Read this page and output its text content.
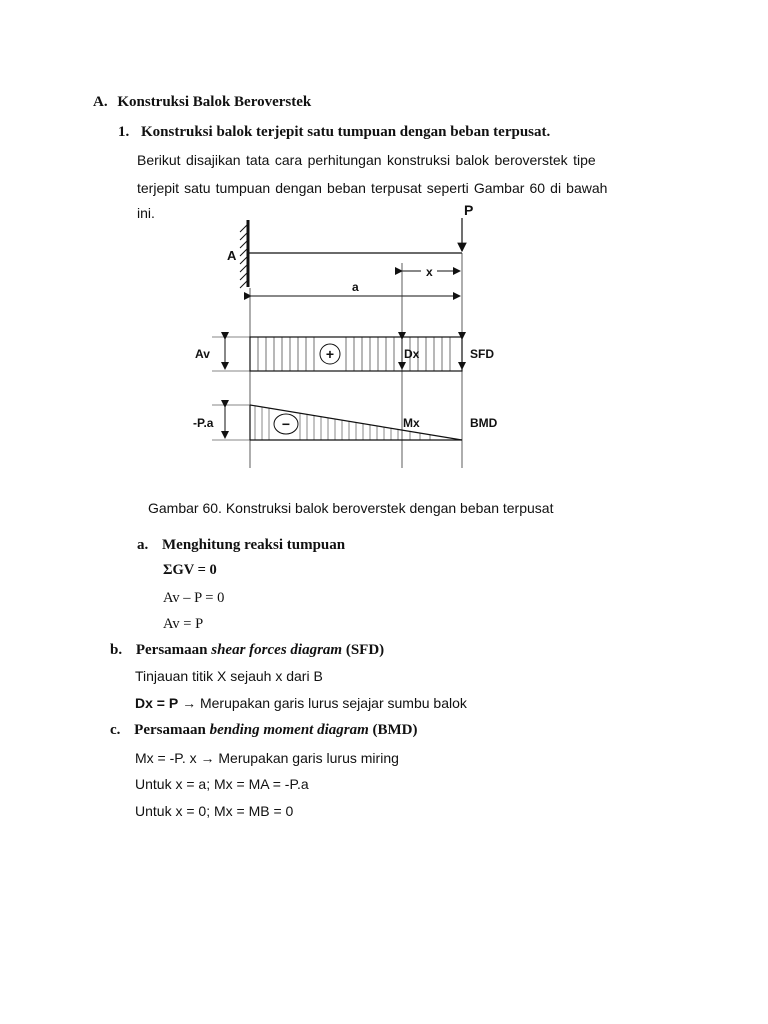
A. Konstruksi Balok Beroverstek
1. Konstruksi balok terjepit satu tumpuan dengan beban terpusat.
Berikut disajikan tata cara perhitungan konstruksi balok beroverstek tipe
terjepit satu tumpuan dengan beban terpusat seperti Gambar 60 di bawah
ini.
A
P
x
a
+
Av	Dx	SFD
−
-P.a	Mx	BMD
Gambar 60. Konstruksi balok beroverstek dengan beban terpusat
a. Menghitung reaksi tumpuan
ΣGV = 0
Av – P = 0
Av = P
b. Persamaan shear forces diagram (SFD)
Tinjauan titik X sejauh x dari B
Dx = P → Merupakan garis lurus sejajar sumbu balok
c. Persamaan bending moment diagram (BMD)
Mx = -P. x → Merupakan garis lurus miring
Untuk x = a; Mx = MA = -P.a
Untuk x = 0; Mx = MB = 0
